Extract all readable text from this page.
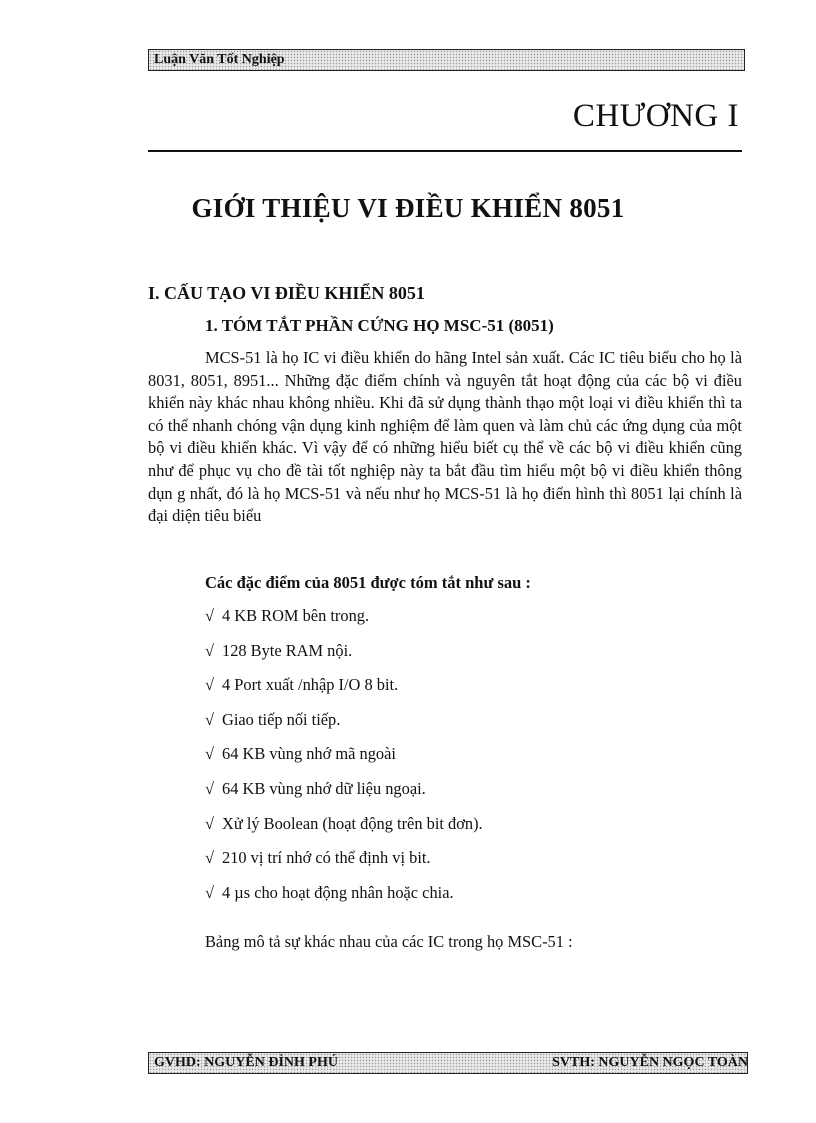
Luận Văn Tốt Nghiệp
CHƯƠNG I
GIỚI THIỆU VI ĐIỀU KHIỂN 8051
I. CẤU TẠO VI ĐIỀU KHIỂN 8051
1. TÓM TẮT PHẦN CỨNG HỌ MSC-51 (8051)
MCS-51 là họ IC vi điều khiển do hãng Intel sản xuất. Các IC tiêu biểu cho họ là 8031, 8051, 8951... Những đặc điểm chính và nguyên tắt hoạt động của các bộ vi điều khiển này khác nhau không nhiều. Khi đã sử dụng thành thạo một loại vi điều khiển thì ta có thể nhanh chóng vận dụng kinh nghiệm để làm quen và làm chủ các ứng dụng của một bộ vi điều khiển khác. Vì vậy để có những hiểu biết cụ thể về các bộ vi điều khiển cũng như để phục vụ cho đề tài tốt nghiệp này ta bắt đầu tìm hiểu một bộ vi điều khiển thông dụn g nhất, đó là họ MCS-51 và nếu như họ MCS-51 là họ điển hình thì 8051 lại chính là đại diện tiêu biểu
Các đặc điểm của 8051 được tóm tắt như sau :
√ 4 KB ROM bên trong.
√ 128 Byte RAM nội.
√ 4 Port xuất /nhập I/O 8 bit.
√ Giao tiếp nối tiếp.
√ 64 KB vùng nhớ mã ngoài
√ 64 KB vùng nhớ dữ liệu ngoại.
√ Xử lý Boolean (hoạt động trên bit đơn).
√ 210 vị trí nhớ có thể định vị bit.
√ 4 µs cho hoạt động nhân hoặc chia.
Bảng mô tả sự khác nhau của các IC trong họ MSC-51 :
GVHD: NGUYỄN ĐÌNH PHÚ	SVTH: NGUYỄN NGỌC TOÀN
